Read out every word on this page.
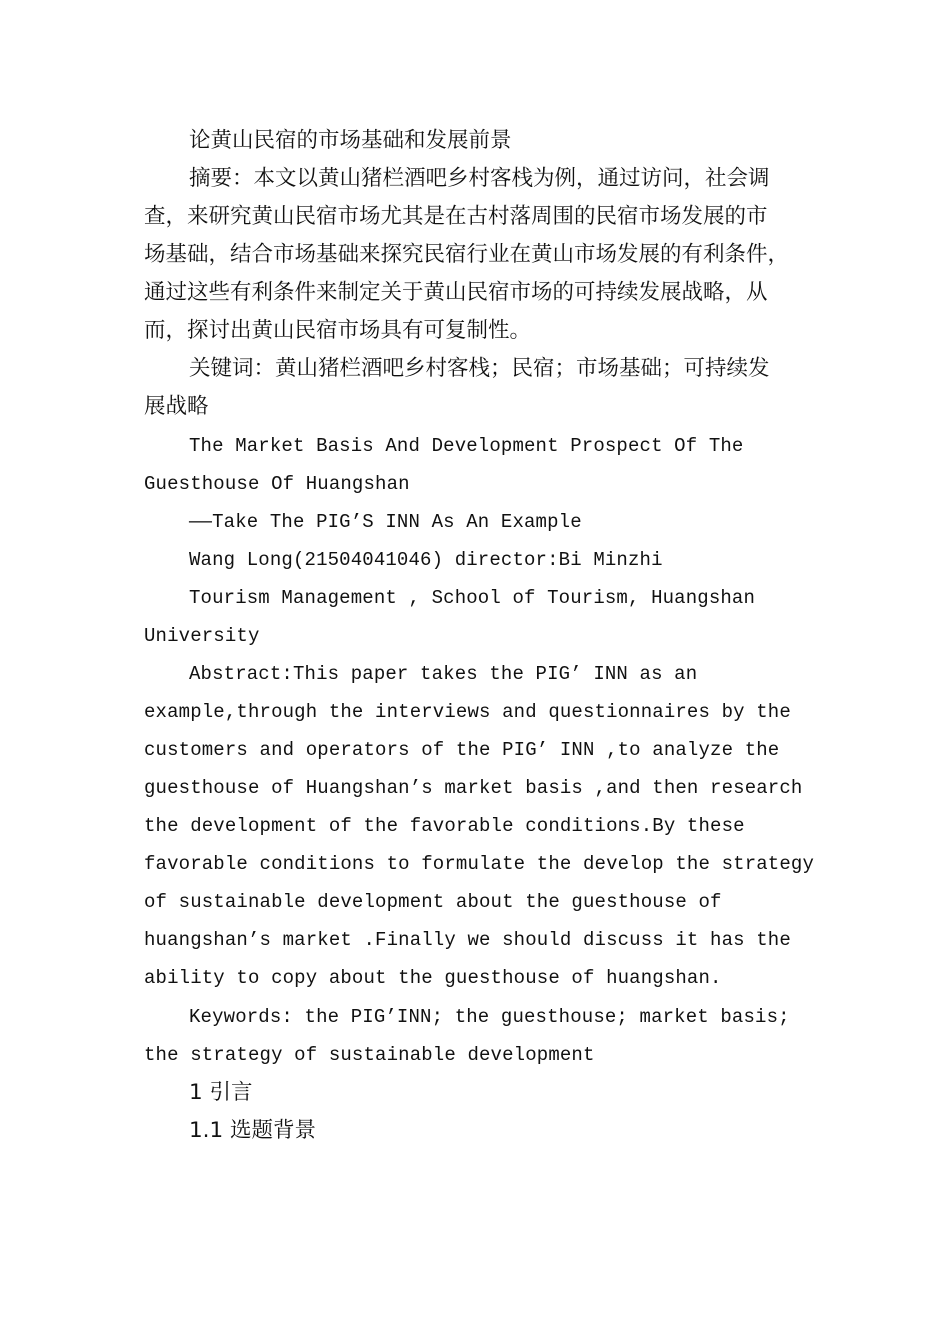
论黄山民宿的市场基础和发展前景
摘要：本文以黄山猪栏酒吧乡村客栈为例，通过访问，社会调
查，来研究黄山民宿市场尤其是在古村落周围的民宿市场发展的市
场基础，结合市场基础来探究民宿行业在黄山市场发展的有利条件，
通过这些有利条件来制定关于黄山民宿市场的可持续发展战略，从
而，探讨出黄山民宿市场具有可复制性。
关键词：黄山猪栏酒吧乡村客栈；民宿；市场基础；可持续发
展战略
The Market Basis And Development Prospect Of The
Guesthouse Of Huangshan
——Take The PIG’S INN As An Example
Wang Long(21504041046) director:Bi Minzhi
Tourism Management , School of Tourism, Huangshan
University
Abstract:This paper takes the PIG’ INN as an
example,through the interviews and questionnaires by the
customers and operators of the PIG’ INN ,to analyze the
guesthouse of Huangshan’s market basis ,and then research
the development of the favorable conditions.By these
favorable conditions to formulate the develop the strategy
of sustainable development about the guesthouse of
huangshan’s market .Finally we should discuss it has the
ability to copy about the guesthouse of huangshan.
Keywords: the PIG’INN; the guesthouse; market basis;
the strategy of sustainable development
1 引言
1.1 选题背景
